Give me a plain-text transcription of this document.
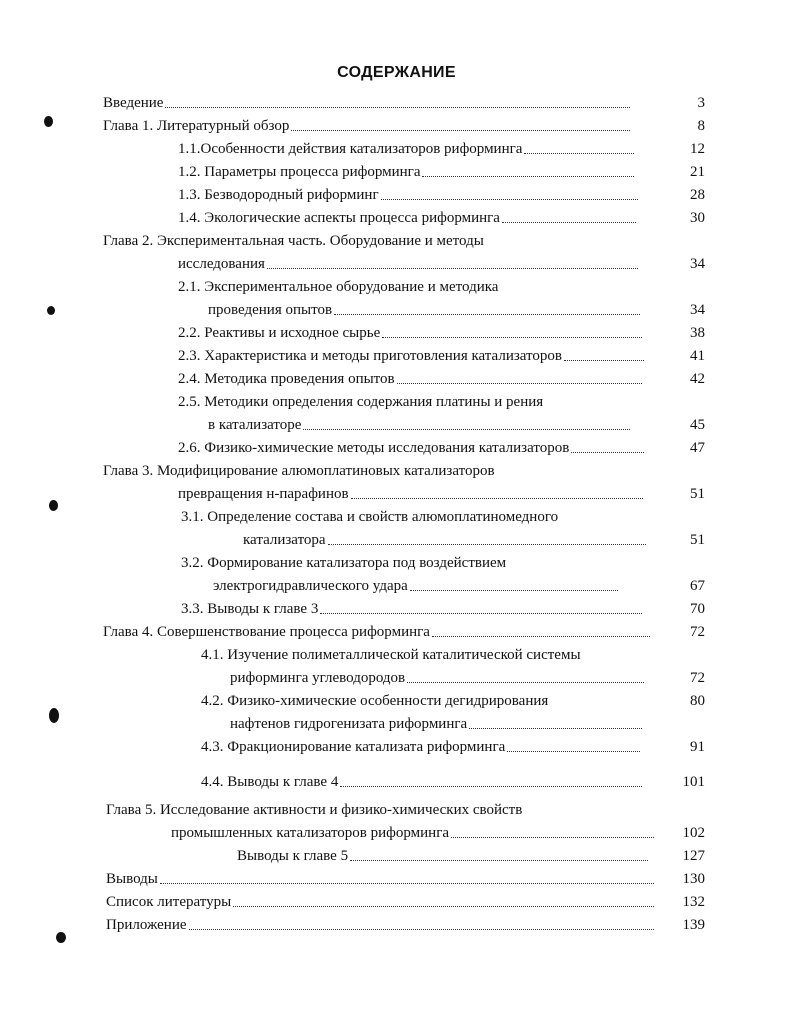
СОДЕРЖАНИЕ
Введение	3
Глава 1. Литературный обзор	8
1.1.Особенности действия катализаторов риформинга	12
1.2. Параметры процесса риформинга	21
1.3. Безводородный риформинг	28
1.4. Экологические аспекты процесса риформинга	30
Глава 2. Экспериментальная часть. Оборудование и методы
исследования	34
2.1. Экспериментальное оборудование и методика
проведения опытов	34
2.2. Реактивы и исходное сырье	38
2.3. Характеристика и методы приготовления катализаторов	41
2.4. Методика проведения опытов	42
2.5. Методики определения содержания платины и рения
в катализаторе	45
2.6. Физико-химические методы исследования катализаторов	47
Глава 3. Модифицирование алюмоплатиновых катализаторов
превращения н-парафинов	51
3.1. Определение состава и свойств алюмоплатиномедного
катализатора	51
3.2. Формирование катализатора под воздействием
электрогидравлического удара	67
3.3. Выводы к главе 3	70
Глава 4. Совершенствование процесса риформинга	72
4.1. Изучение полиметаллической каталитической системы
риформинга углеводородов	72
4.2. Физико-химические особенности дегидрирования	80
нафтенов гидрогенизата риформинга
4.3. Фракционирование катализата риформинга	91
4.4. Выводы к главе 4	101
Глава 5. Исследование активности и физико-химических свойств
промышленных катализаторов риформинга	102
Выводы к главе 5	127
Выводы	130
Список литературы	132
Приложение	139
